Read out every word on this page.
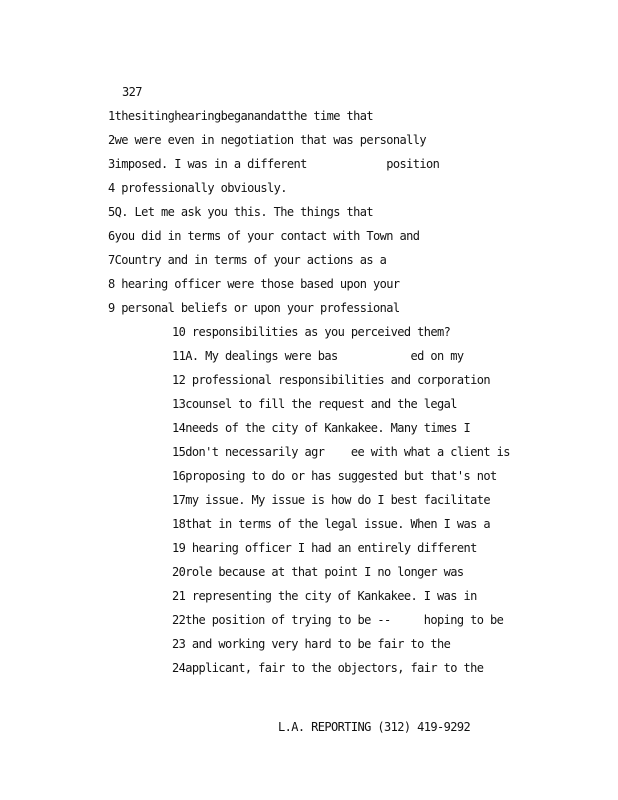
327
1thesitinghearingbeganandatthe time that
2we were even in negotiation that was personally
3imposed. I was in a different            position
4 professionally obviously.
5Q. Let me ask you this. The things that
6you did in terms of your contact with Town and
7Country and in terms of your actions as a
8 hearing officer were those based upon your
9 personal beliefs or upon your professional
10 responsibilities as you perceived them?
11A. My dealings were bas           ed on my
12 professional responsibilities and corporation
13counsel to fill the request and the legal
14needs of the city of Kankakee. Many times I
15don't necessarily agr    ee with what a client is
16proposing to do or has suggested but that's not
17my issue. My issue is how do I best facilitate
18that in terms of the legal issue. When I was a
19 hearing officer I had an entirely different
20role because at that point I no longer was
21 representing the city of Kankakee. I was in
22the position of trying to be --     hoping to be
23 and working very hard to be fair to the
24applicant, fair to the objectors, fair to the
L.A. REPORTING (312) 419-9292
